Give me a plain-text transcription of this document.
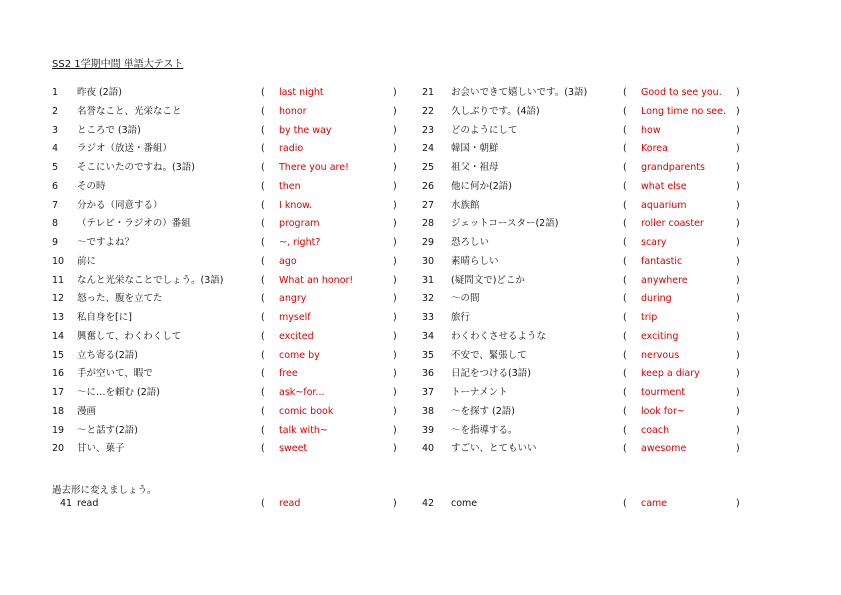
SS2 1学期中間 単語大テスト
1 昨夜 (2語)	( last night	)
2 名誉なこと、光栄なこと	( honor	)
3 ところで (3語)	( by the way	)
4 ラジオ（放送・番組）	( radio	)
5 そこにいたのですね。(3語)	( There you are!	)
6 その時	( then	)
7 分かる（同意する）	( I know.	)
8 （テレビ・ラジオの）番組	( program	)
9 ～ですよね？	( ~, right?	)
10 前に	( ago	)
11 なんと光栄なことでしょう。(3語)	( What an honor!	)
12 怒った、腹を立てた	( angry	)
13 私自身を[に]	( myself	)
14 興奮して、わくわくして	( excited	)
15 立ち寄る(2語)	( come by	)
16 手が空いて、暇で	( free	)
17 ～に…を頼む (2語)	( ask~for...	)
18 漫画	( comic book	)
19 ～と話す(2語)	( talk with~	)
20 甘い、菓子	( sweet	)
21 お会いできて嬉しいです。(3語)	( Good to see you. )
22 久しぶりです。(4語)	( Long time no see. )
23 どのようにして	( how	)
24 韓国・朝鮮	( Korea	)
25 祖父・祖母	( grandparents	)
26 他に何か(2語)	( what else	)
27 水族館	( aquarium	)
28 ジェットコースター(2語)	( roller coaster	)
29 恐ろしい	( scary	)
30 素晴らしい	( fantastic	)
31 (疑問文で)どこか	( anywhere	)
32 ～の間	( during	)
33 旅行	( trip	)
34 わくわくさせるような	( exciting	)
35 不安で、緊張して	( nervous	)
36 日記をつける(3語)	( keep a diary	)
37 トーナメント	( tourment	)
38 ～を探す (2語)	( look for~	)
39 ～を指導する。	( coach	)
40 すごい、とてもいい	( awesome	)
過去形に変えましょう。
41 read	( read	)	42 come	( came	)
